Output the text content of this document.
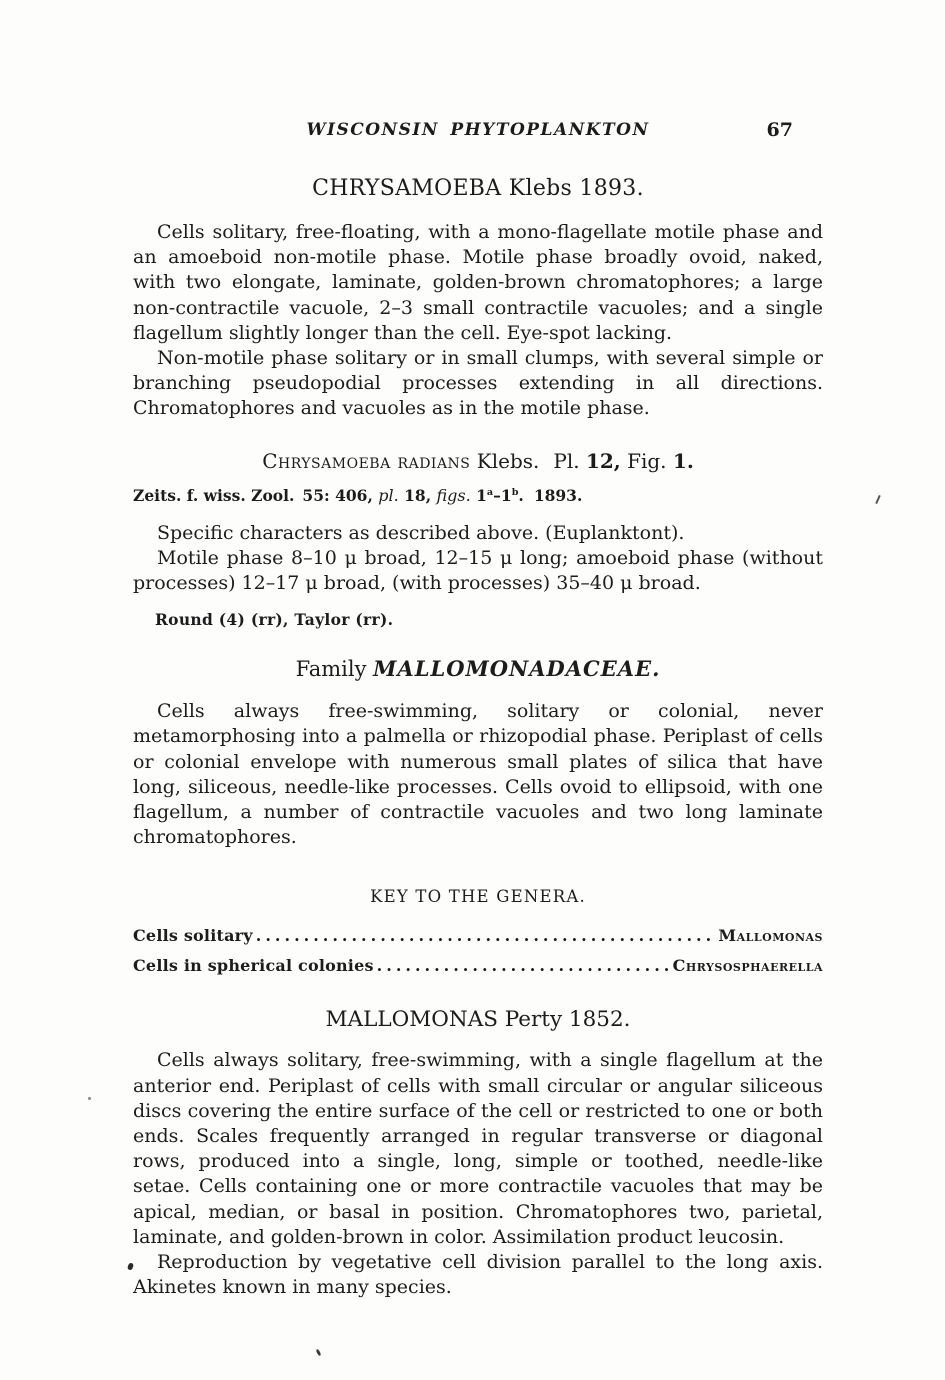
WISCONSIN PHYTOPLANKTON	67
CHRYSAMOEBA Klebs 1893.

Cells solitary, free-floating, with a mono-flagellate motile phase and an amoeboid non-motile phase. Motile phase broadly ovoid, naked, with two elongate, laminate, golden-brown chromatophores; a large non-contractile vacuole, 2–3 small contractile vacuoles; and a single flagellum slightly longer than the cell. Eye-spot lacking.

Non-motile phase solitary or in small clumps, with several simple or branching pseudopodial processes extending in all directions. Chromatophores and vacuoles as in the motile phase.

Chrysamoeba radians Klebs. Pl. 12, Fig. 1.

Zeits. f. wiss. Zool. 55: 406, pl. 18, figs. 1$^a$–1$^b$. 1893.

Specific characters as described above. (Euplanktont).

Motile phase 8–10 μ broad, 12–15 μ long; amoeboid phase (without processes) 12–17 μ broad, (with processes) 35–40 μ broad.

Round (4) (rr), Taylor (rr).

Family MALLOMONADACEAE.

Cells always free-swimming, solitary or colonial, never metamorphosing into a palmella or rhizopodial phase. Periplast of cells or colonial envelope with numerous small plates of silica that have long, siliceous, needle-like processes. Cells ovoid to ellipsoid, with one flagellum, a number of contractile vacuoles and two long laminate chromatophores.

KEY TO THE GENERA.
Cells solitary .....	Mallomonas
Cells in spherical colonies .....	Chrysosphaerella
MALLOMONAS Perty 1852.

Cells always solitary, free-swimming, with a single flagellum at the anterior end. Periplast of cells with small circular or angular siliceous discs covering the entire surface of the cell or restricted to one or both ends. Scales frequently arranged in regular transverse or diagonal rows, produced into a single, long, simple or toothed, needle-like setae. Cells containing one or more contractile vacuoles that may be apical, median, or basal in position. Chromatophores two, parietal, laminate, and golden-brown in color. Assimilation product leucosin.

Reproduction by vegetative cell division parallel to the long axis. Akinetes known in many species.
